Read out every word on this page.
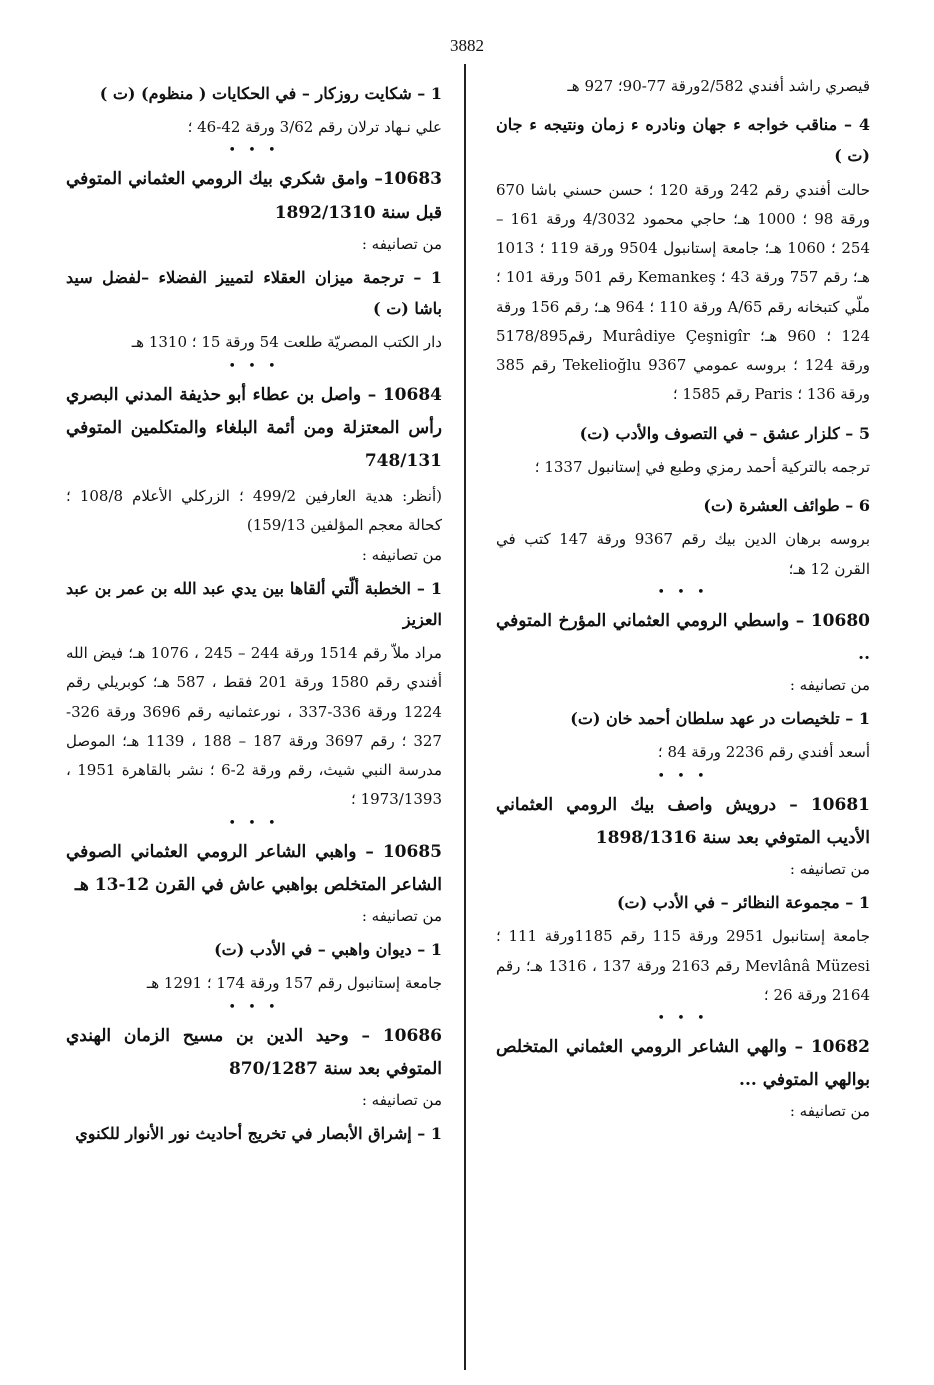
3882

قيصري راشد أفندي 2/582ورقة 77-90؛ 927 هـ

4 – مناقب خواجه ء جهان ونادره ء زمان ونتيجه ء جان (ت )

حالت أفندي رقم 242 ورقة 120 ؛ حسن حسني باشا 670 ورقة 98 ؛ 1000 هـ؛ حاجي محمود 4/3032 ورقة 161 – 254 ؛ 1060 هـ؛ جامعة إستانبول 9504 ورقة 119 ؛ 1013 هـ؛ رقم 757 ورقة 43 ؛ Kemankeş رقم 501 ورقة 101 ؛ ملّي كتبخانه رقم 65/A ورقة 110 ؛ 964 هـ؛ رقم 156 ورقة 124 ؛ 960 هـ؛ Murâdiye Çeşnigîr رقم5178/895 ورقة 124 ؛ بروسه عمومي 9367 Tekelioğlu رقم 385 ورقة 136 ؛ Paris رقم 1585 ؛

5 – كلزار عشق – في التصوف والأدب (ت)

ترجمه بالتركية أحمد رمزي وطبع في إستانبول 1337 ؛

6 – طوائف العشرة (ت)

بروسه برهان الدين بيك رقم 9367 ورقة 147 كتب في القرن 12 هـ؛

• • •

10680 – واسطي الرومي العثماني المؤرخ المتوفي ..

من تصانيفه :

1 – تلخيصات در عهد سلطان أحمد خان (ت)

أسعد أفندي رقم 2236 ورقة 84 ؛

• • •

10681 – درويش واصف بيك الرومي العثماني الأديب المتوفي بعد سنة 1898/1316

من تصانيفه :

1 – مجموعة النظائر – في الأدب (ت)

جامعة إستانبول 2951 ورقة 115 رقم 1185ورقة 111 ؛ Mevlânâ Müzesi رقم 2163 ورقة 137 ، 1316 هـ؛ رقم 2164 ورقة 26 ؛

• • •

10682 – والهي الشاعر الرومي العثماني المتخلص بوالهي المتوفي ...

من تصانيفه :

1 – شكايت روزكار – في الحكايات ( منظوم) (ت )

علي نـهاد ترلان رقم 3/62 ورقة 42-46 ؛

• • •

10683– وامق شكري بيك الرومي العثماني المتوفي قبل سنة 1892/1310

من تصانيفه :

1 – ترجمة ميزان العقلاء لتمييز الفضلاء –لفضل سيد باشا (ت )

دار الكتب المصريّة طلعت 54 ورقة 15 ؛ 1310 هـ

• • •

10684 – واصل بن عطاء أبو حذيفة المدني البصري رأس المعتزلة ومن أئمة البلغاء والمتكلمين المتوفي 748/131

(أنظر: هدية العارفين 499/2 ؛ الزركلي الأعلام 108/8 ؛ كحالة معجم المؤلفين 159/13)

من تصانيفه :

1 – الخطبة ألّتي ألقاها بين يدي عبد الله بن عمر بن عبد العزيز

مراد ملاّ رقم 1514 ورقة 244 – 245 ، 1076 هـ؛ فيض الله أفندي رقم 1580 ورقة 201 فقط ، 587 هـ؛ كوبريلي رقم 1224 ورقة 336-337 ، نورعثمانيه رقم 3696 ورقة 326-327 ؛ رقم 3697 ورقة 187 – 188 ، 1139 هـ؛ الموصل مدرسة النبي شيث، رقم ورقة 2-6 ؛ نشر بالقاهرة 1951 ، 1973/1393 ؛

• • •

10685 – واهبي الشاعر الرومي العثماني الصوفي الشاعر المتخلص بواهبي عاش في القرن 12-13 هـ

من تصانيفه :

1 – ديوان واهبي – في الأدب (ت)

جامعة إستانبول رقم 157 ورقة 174 ؛ 1291 هـ

• • •

10686 – وحيد الدين بن مسيح الزمان الهندي المتوفي بعد سنة 870/1287

من تصانيفه :

1 – إشراق الأبصار في تخريج أحاديث نور الأنوار للكنوي
